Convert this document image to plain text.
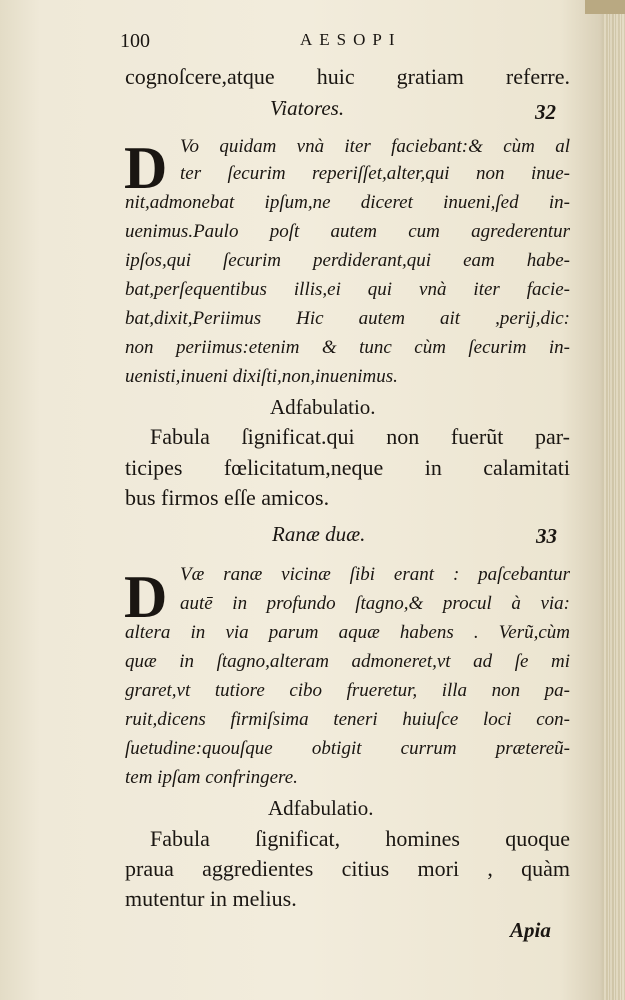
100	AESOPI
cognoſcere,atque huic gratiam referre.
Viatores.	32
D Vo quidam vnà iter faciebant:& cùm al
ter ſecurim reperiſſet,alter,qui non inue-
nit,admonebat ipſum,ne diceret inueni,ſed in-
uenimus.Paulo poſt autem cum agrederentur
ipſos,qui ſecurim perdiderant,qui eam habe-
bat,perſequentibus illis,ei qui vnà iter facie-
bat,dixit,Periimus Hic autem ait ,perij,dic:
non periimus:etenim & tunc cùm ſecurim in-
uenisti,inueni dixiſti,non,inuenimus.
Adfabulatio.
Fabula ſignificat.qui non fuerũt par-
ticipes fœlicitatum,neque in calamitati
bus firmos eſſe amicos.
Ranæ duæ.	33
D Væ ranæ vicinæ ſibi erant : paſcebantur
autē in profundo ſtagno,& procul à via:
altera in via parum aquæ habens . Verũ,cùm
quæ in ſtagno,alteram admoneret,vt ad ſe mi
graret,vt tutiore cibo frueretur, illa non pa-
ruit,dicens firmiſsima teneri huiuſce loci con-
ſuetudine:quouſque obtigit currum prætereũ-
tem ipſam confringere.
Adfabulatio.
Fabula ſignificat, homines quoque
praua aggredientes citius mori , quàm
mutentur in melius.
Apia
